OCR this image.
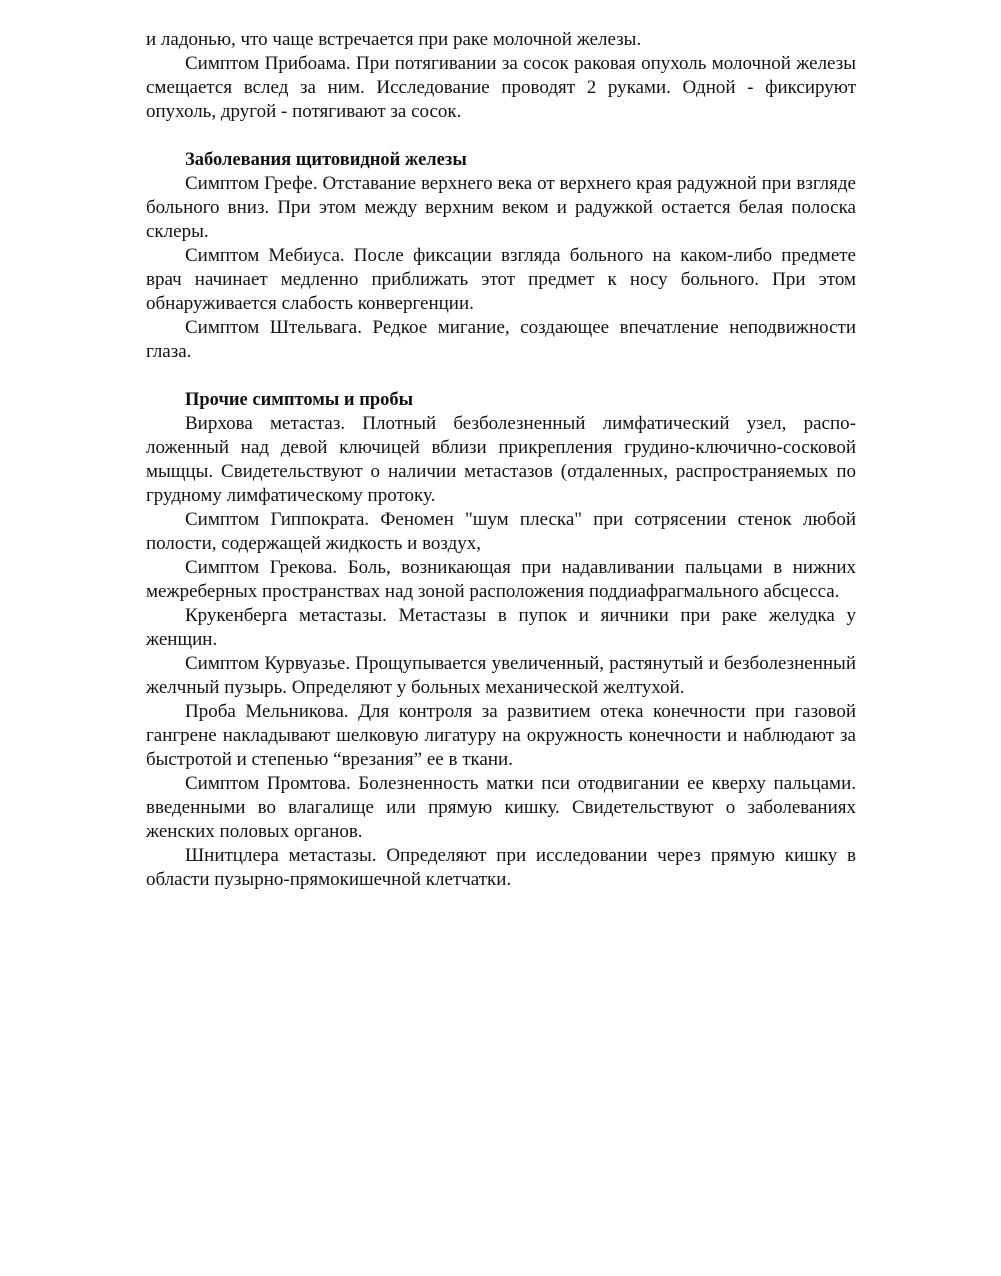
и ладонью, что чаще встречается при раке молочной железы.

Симптом Прибоама. При потягивании за сосок раковая опухоль молочной железы смещается вслед за ним. Исследование проводят 2 руками. Одной - фиксируют опухоль, другой - потягивают за сосок.

Заболевания щитовидной железы

Симптом Грефе. Отставание верхнего века от верхнего края радужной при взгляде больного вниз. При этом между верхним веком и радужкой остается белая полоска склеры.

Симптом Мебиуса. После фиксации взгляда больного на каком-либо предмете врач начинает медленно приближать этот предмет к носу больного. При этом обнаруживается слабость конвергенции.

Симптом Штельвага. Редкое мигание, создающее впечатление неподвижности глаза.

Прочие симптомы и пробы

Вирхова метастаз. Плотный безболезненный лимфатический узел, расположенный над девой ключицей вблизи прикрепления грудино-ключично-сосковой мыщцы. Свидетельствуют о наличии метастазов (отдаленных, распространяемых по грудному лимфатическому протоку.

Симптом Гиппократа. Феномен "шум плеска" при сотрясении стенок любой полости, содержащей жидкость и воздух,

Симптом Грекова. Боль, возникающая при надавливании пальцами в нижних межреберных пространствах над зоной расположения поддиафрагмального абсцесса.

Крукенберга метастазы. Метастазы в пупок и яичники при раке желудка у женщин.

Симптом Курвуазье. Прощупывается увеличенный, растянутый и безболезненный желчный пузырь. Определяют у больных механической желтухой.

Проба Мельникова. Для контроля за развитием отека конечности при газовой гангрене накладывают шелковую лигатуру на окружность конечности и наблюдают за быстротой и степенью “врезания” ее в ткани.

Симптом Промтова. Болезненность матки пси отодвигании ее кверху пальцами. введенными во влагалище или прямую кишку. Свидетельствуют о заболеваниях женских половых органов.

Шнитцлера метастазы. Определяют при исследовании через прямую кишку в области пузырно-прямокишечной клетчатки.
